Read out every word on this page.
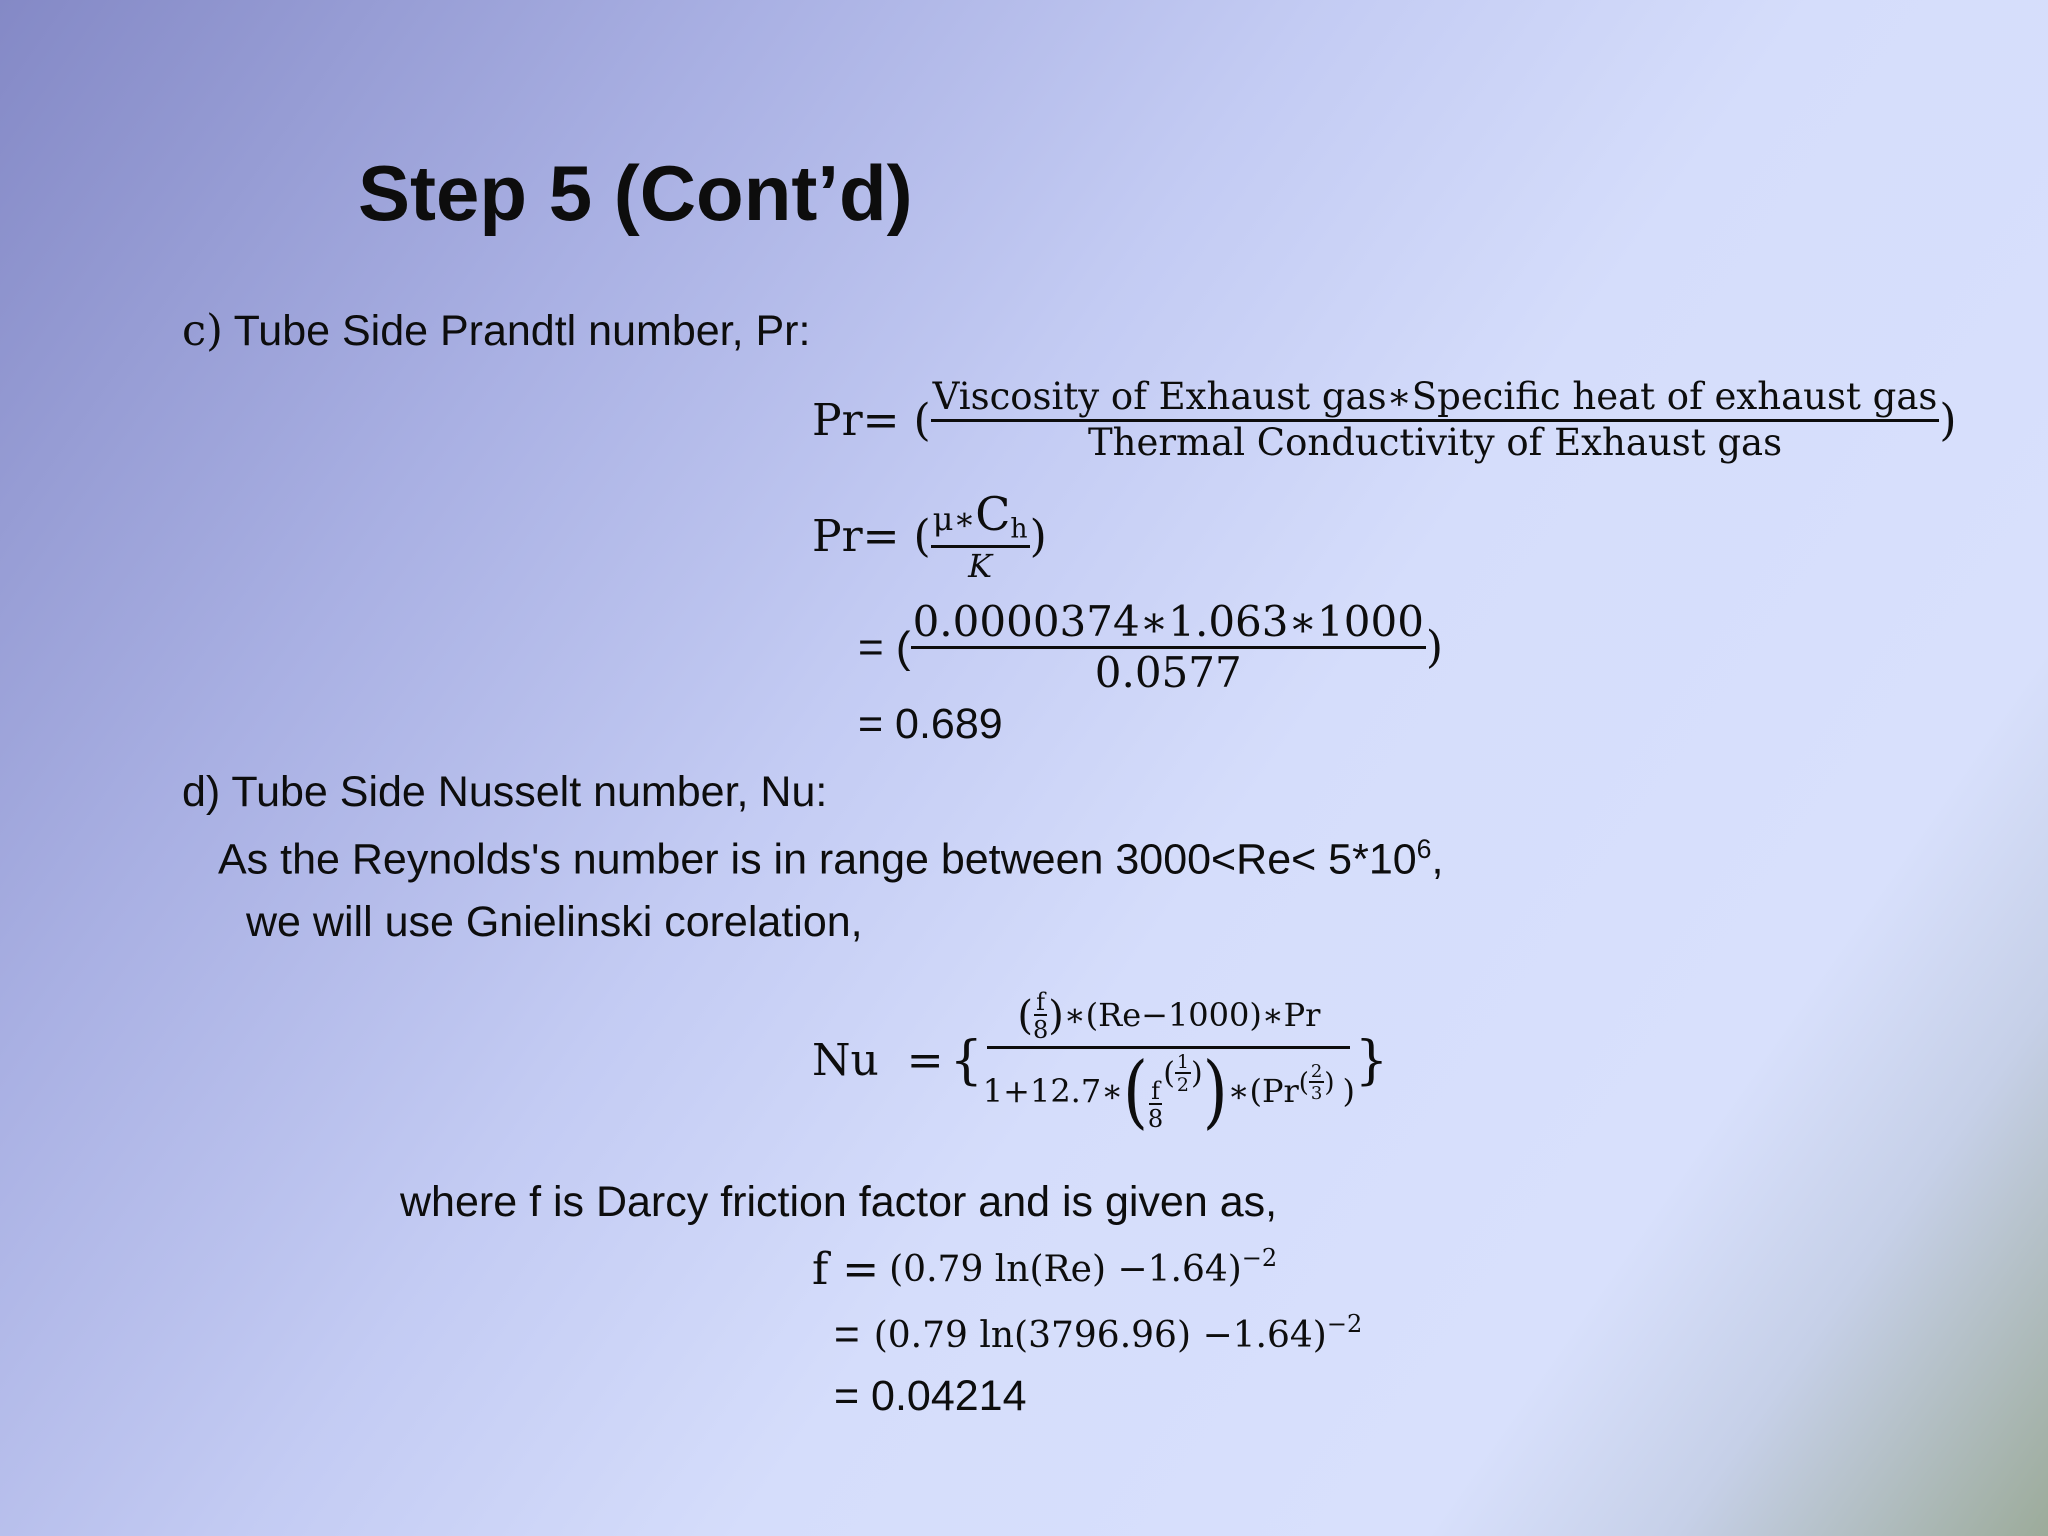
Step 5 (Cont’d)
c) Tube Side Prandtl number, Pr:
Pr= ( $\frac{\text{Viscosity of Exhaust gas∗Specific heat of exhaust gas}}{\text{Thermal Conductivity of Exhaust gas}}$ )
Pr= ( $\frac{\mu∗C_h}{K}$ )
= ( $\frac{0.0000374∗1.063∗1000}{0.0577}$ )
= 0.689
d) Tube Side Nusselt number, Nu:
As the Reynolds's number is in range between $3000<Re< 5*10^6$,
we will use Gnielinski corelation,
Nu  = {
( $\frac{f}{8}$ ) ∗(Re−1000)∗Pr
1+12.7∗ ( $\frac{f}{8}$
( $\frac{1}{2}$ ) ) ∗(Pr ( $\frac{2}{3}$ ) )
}
where f is Darcy friction factor and is given as,
f = (0.79 ln(Re) −1.64)$^{-2}$
= (0.79 ln(3796.96) −1.64)$^{-2}$
= 0.04214
